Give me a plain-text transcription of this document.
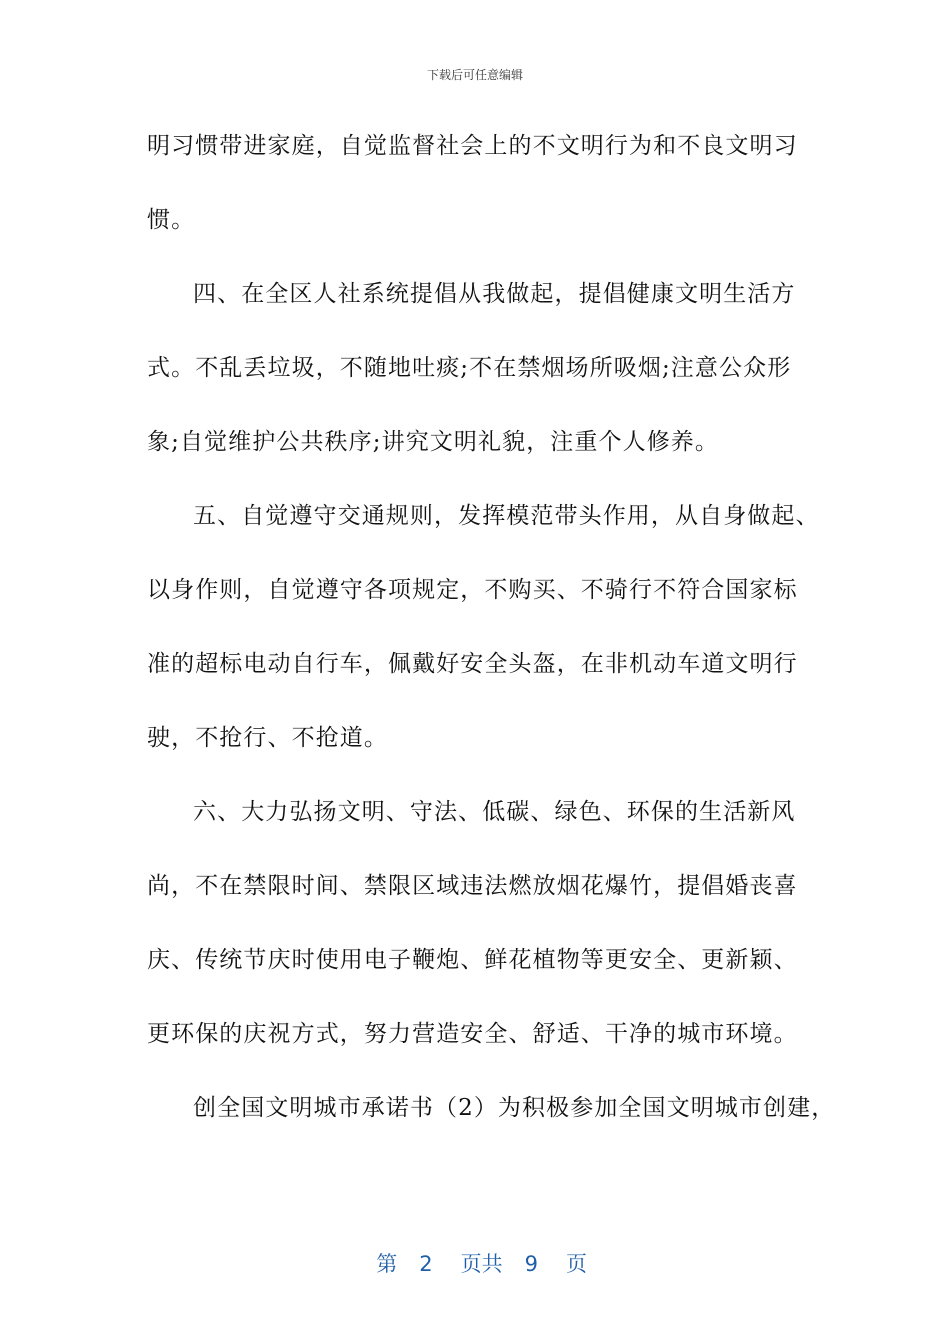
下载后可任意编辑
明习惯带进家庭，自觉监督社会上的不文明行为和不良文明习
惯。
四、在全区人社系统提倡从我做起，提倡健康文明生活方
式。不乱丢垃圾，不随地吐痰;不在禁烟场所吸烟;注意公众形
象;自觉维护公共秩序;讲究文明礼貌，注重个人修养。
五、自觉遵守交通规则，发挥模范带头作用，从自身做起、
以身作则，自觉遵守各项规定，不购买、不骑行不符合国家标
准的超标电动自行车，佩戴好安全头盔，在非机动车道文明行
驶，不抢行、不抢道。
六、大力弘扬文明、守法、低碳、绿色、环保的生活新风
尚，不在禁限时间、禁限区域违法燃放烟花爆竹，提倡婚丧喜
庆、传统节庆时使用电子鞭炮、鲜花植物等更安全、更新颖、
更环保的庆祝方式，努力营造安全、舒适、干净的城市环境。
创全国文明城市承诺书（2）为积极参加全国文明城市创建，

第 2 页共 9 页
